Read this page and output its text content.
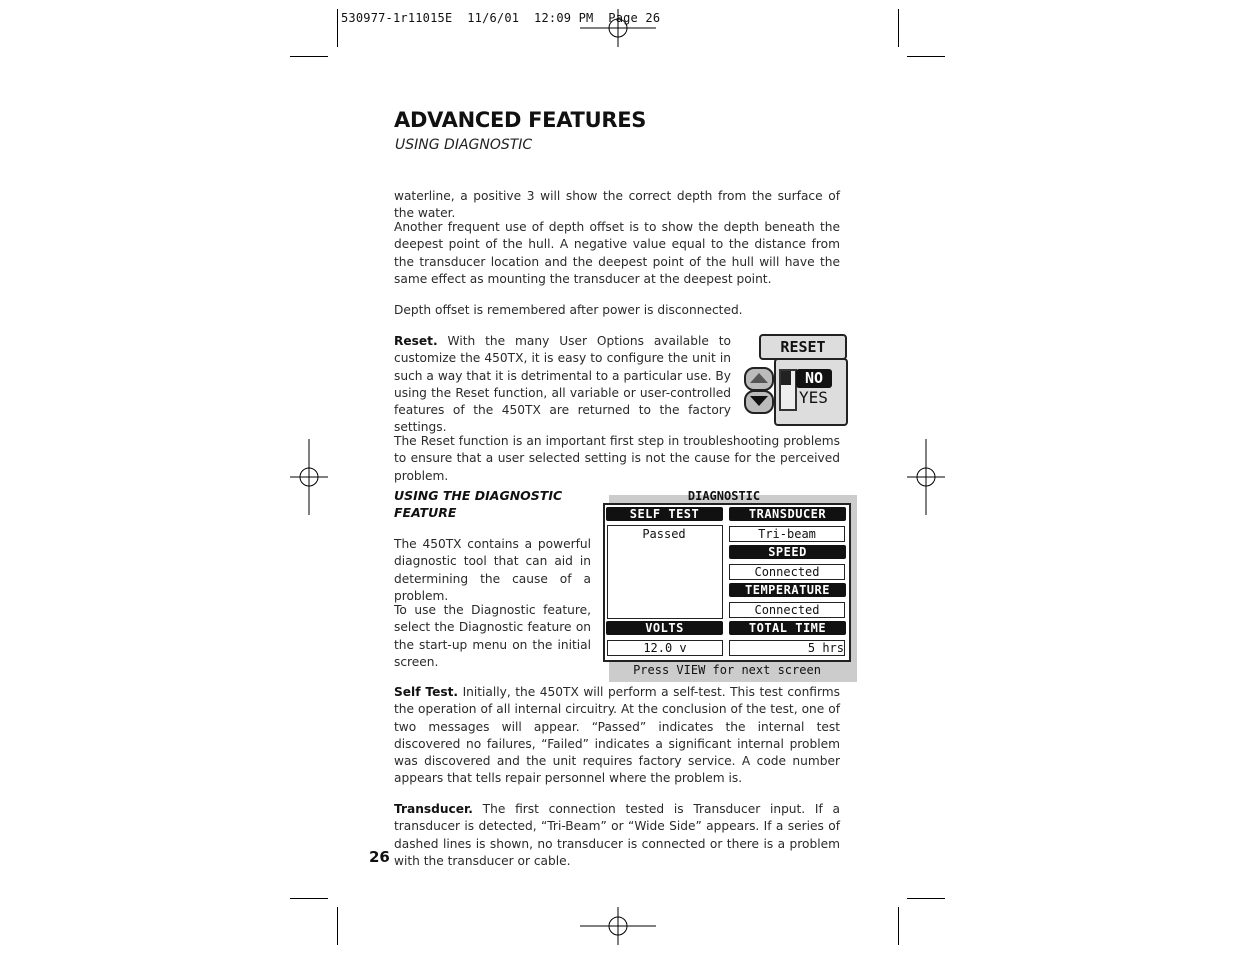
530977-1r11015E  11/6/01  12:09 PM  Page 26
ADVANCED FEATURES
USING DIAGNOSTIC

waterline, a positive 3 will show the correct depth from the surface of the water.

Another frequent use of depth offset is to show the depth beneath the deepest point of the hull. A negative value equal to the distance from the transducer location and the deepest point of the hull will have the same effect as mounting the transducer at the deepest point.

Depth offset is remembered after power is disconnected.

Reset. With the many User Options available to customize the 450TX, it is easy to configure the unit in such a way that it is detrimental to a particular use. By using the Reset function, all variable or user-controlled features of the 450TX are returned to the factory settings.

RESET
NO
YES

The Reset function is an important first step in troubleshooting problems to ensure that a user selected setting is not the cause for the perceived problem.

USING THE DIAGNOSTIC FEATURE

The 450TX contains a powerful diagnostic tool that can aid in determining the cause of a problem.

To use the Diagnostic feature, select the Diagnostic feature on the start-up menu on the initial screen.

DIAGNOSTIC
SELF TEST
Passed
TRANSDUCER
Tri-beam
SPEED
Connected
TEMPERATURE
Connected
VOLTS
12.0 v
TOTAL TIME
5 hrs
Press VIEW for next screen

Self Test. Initially, the 450TX will perform a self-test. This test confirms the operation of all internal circuitry. At the conclusion of the test, one of two messages will appear. “Passed” indicates the internal test discovered no failures, “Failed” indicates a significant internal problem was discovered and the unit requires factory service. A code number appears that tells repair personnel where the problem is.

Transducer. The first connection tested is Transducer input. If a transducer is detected, “Tri-Beam” or “Wide Side” appears. If a series of dashed lines is shown, no transducer is connected or there is a problem with the transducer or cable.

26
